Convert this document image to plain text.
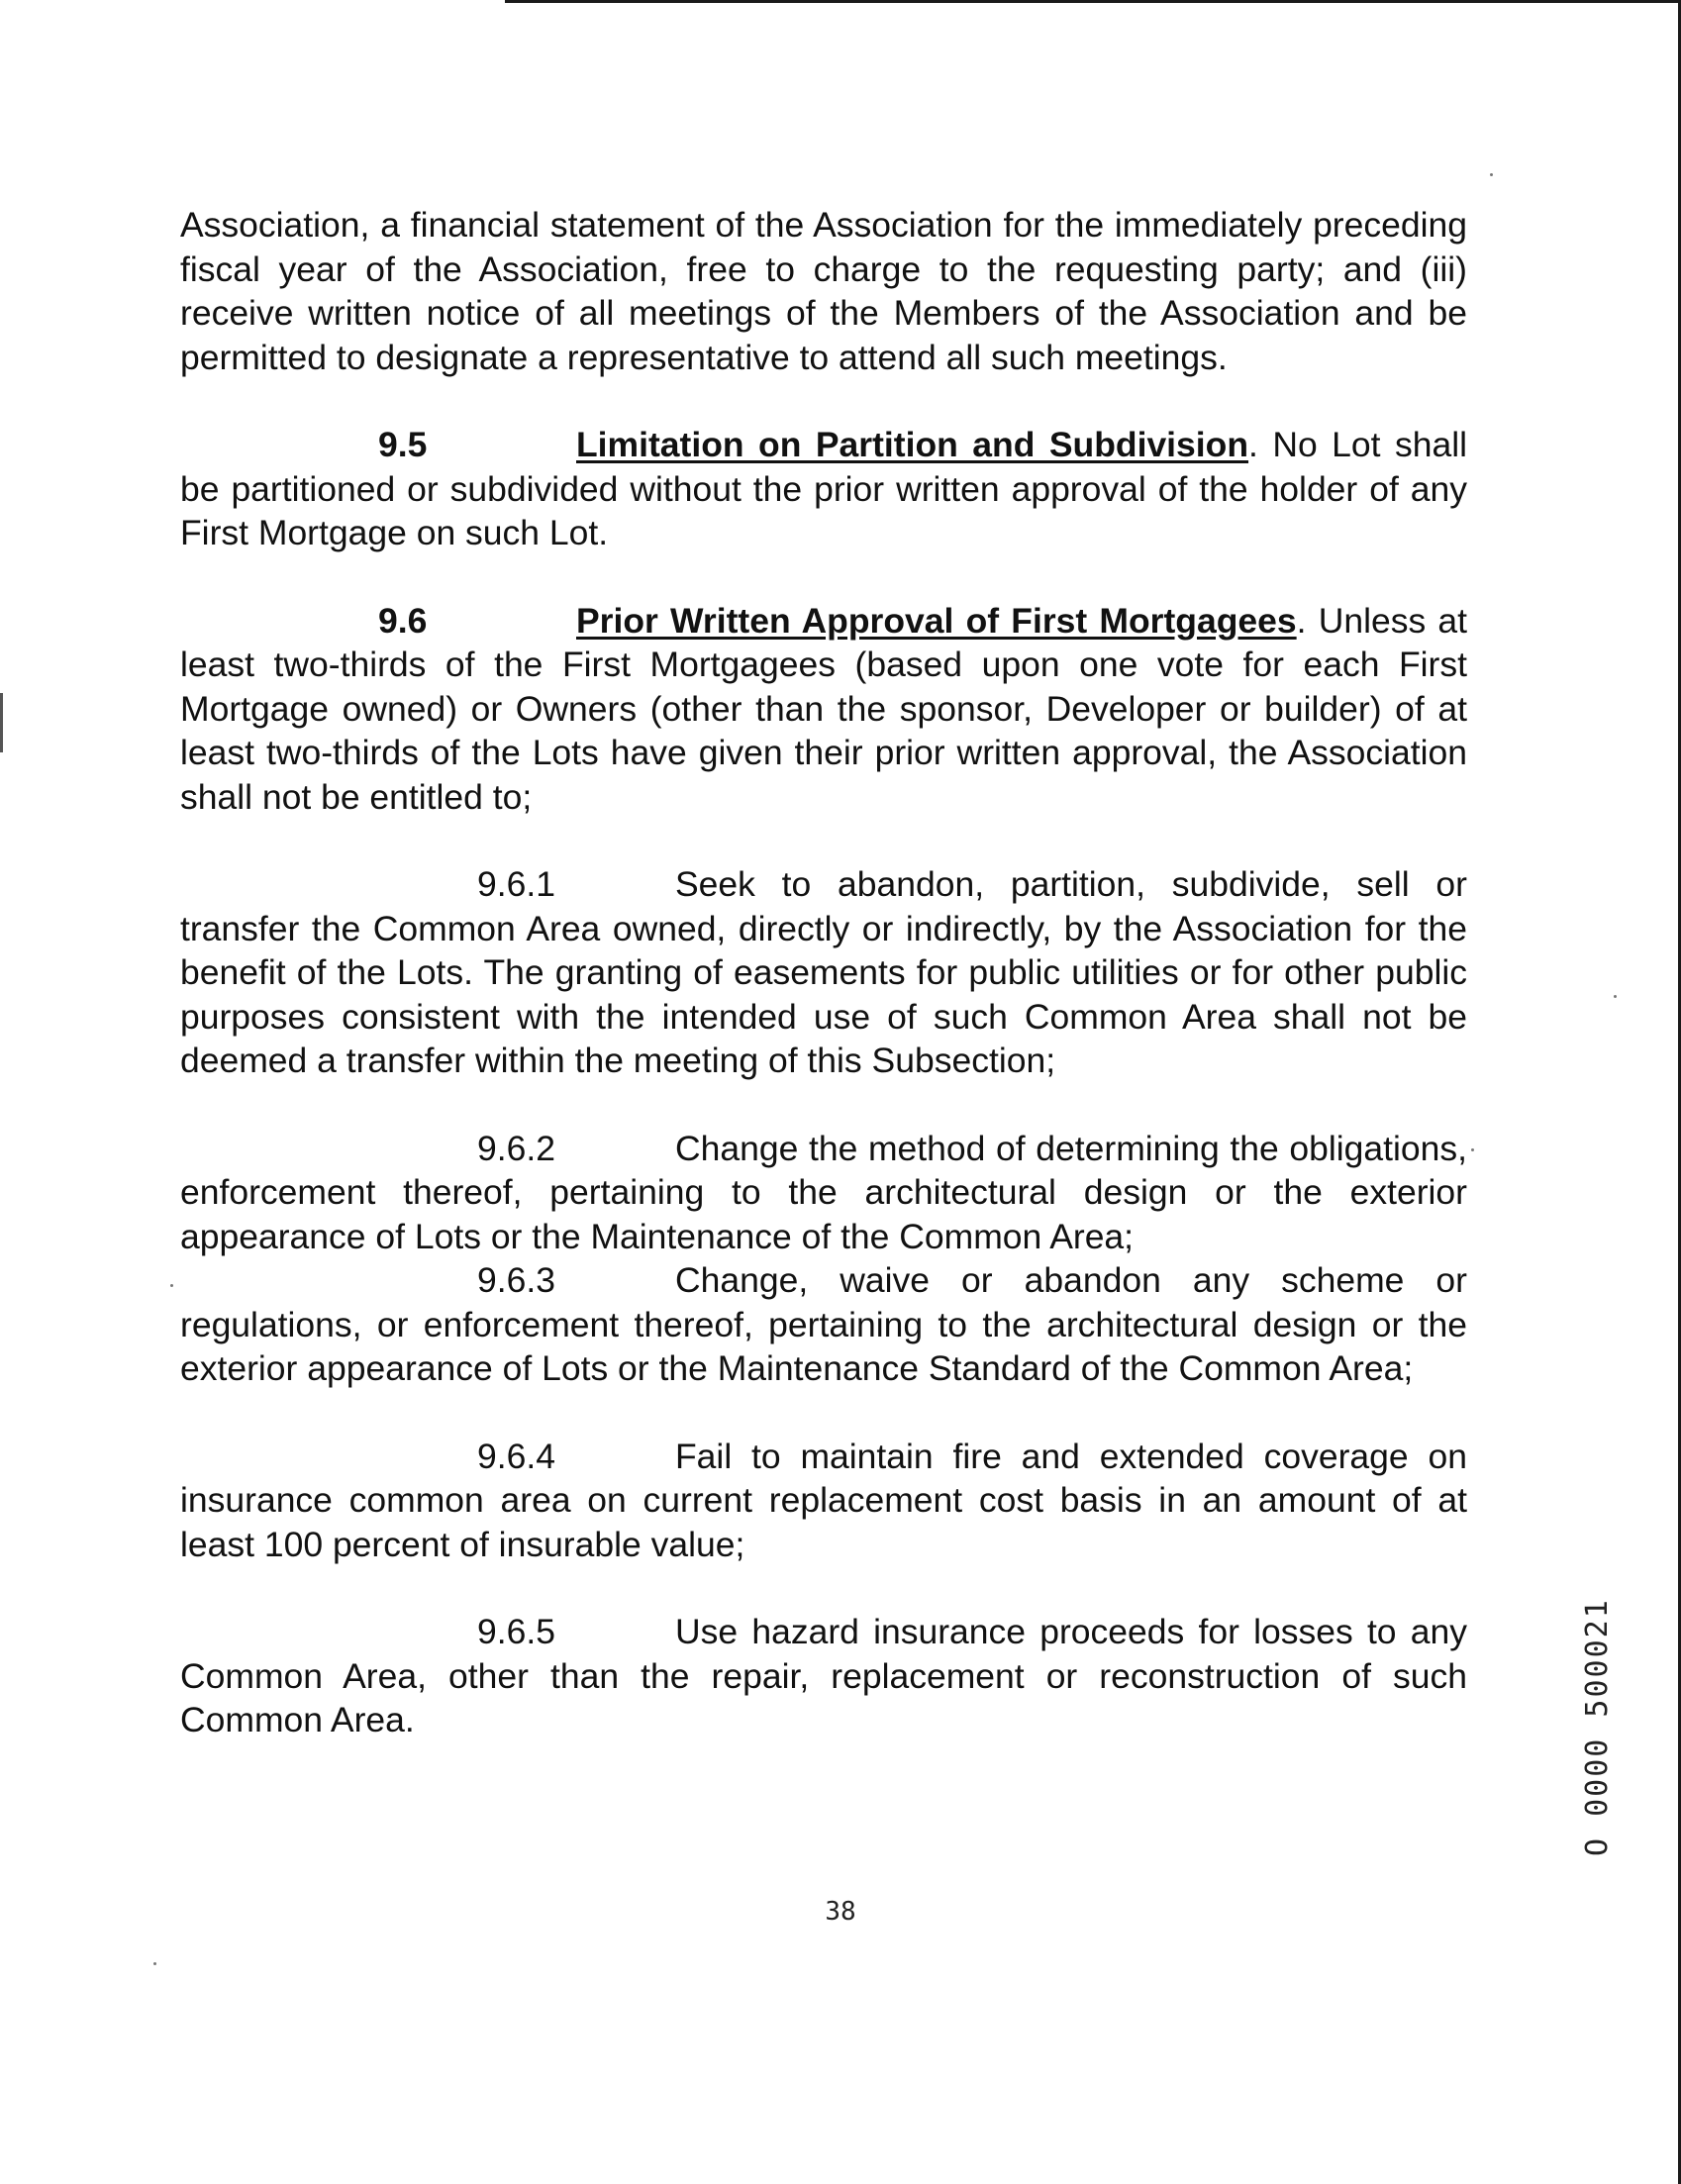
Association, a financial statement of the Association for the immediately preceding fiscal year of the Association, free to charge to the requesting party; and (iii) receive written notice of all meetings of the Members of the Association and be permitted to designate a representative to attend all such meetings.

9.5	Limitation on Partition and Subdivision. No Lot shall be partitioned or subdivided without the prior written approval of the holder of any First Mortgage on such Lot.

9.6	Prior Written Approval of First Mortgagees. Unless at least two-thirds of the First Mortgagees (based upon one vote for each First Mortgage owned) or Owners (other than the sponsor, Developer or builder) of at least two-thirds of the Lots have given their prior written approval, the Association shall not be entitled to;

9.6.1	Seek to abandon, partition, subdivide, sell or transfer the Common Area owned, directly or indirectly, by the Association for the benefit of the Lots. The granting of easements for public utilities or for other public purposes consistent with the intended use of such Common Area shall not be deemed a transfer within the meeting of this Subsection;

9.6.2	Change the method of determining the obligations, enforcement thereof, pertaining to the architectural design or the exterior appearance of Lots or the Maintenance of the Common Area;

9.6.3	Change, waive or abandon any scheme or regulations, or enforcement thereof, pertaining to the architectural design or the exterior appearance of Lots or the Maintenance Standard of the Common Area;

9.6.4	Fail to maintain fire and extended coverage on insurance common area on current replacement cost basis in an amount of at least 100 percent of insurable value;

9.6.5	Use hazard insurance proceeds for losses to any Common Area, other than the repair, replacement or reconstruction of such Common Area.

38
O 0000 500021
